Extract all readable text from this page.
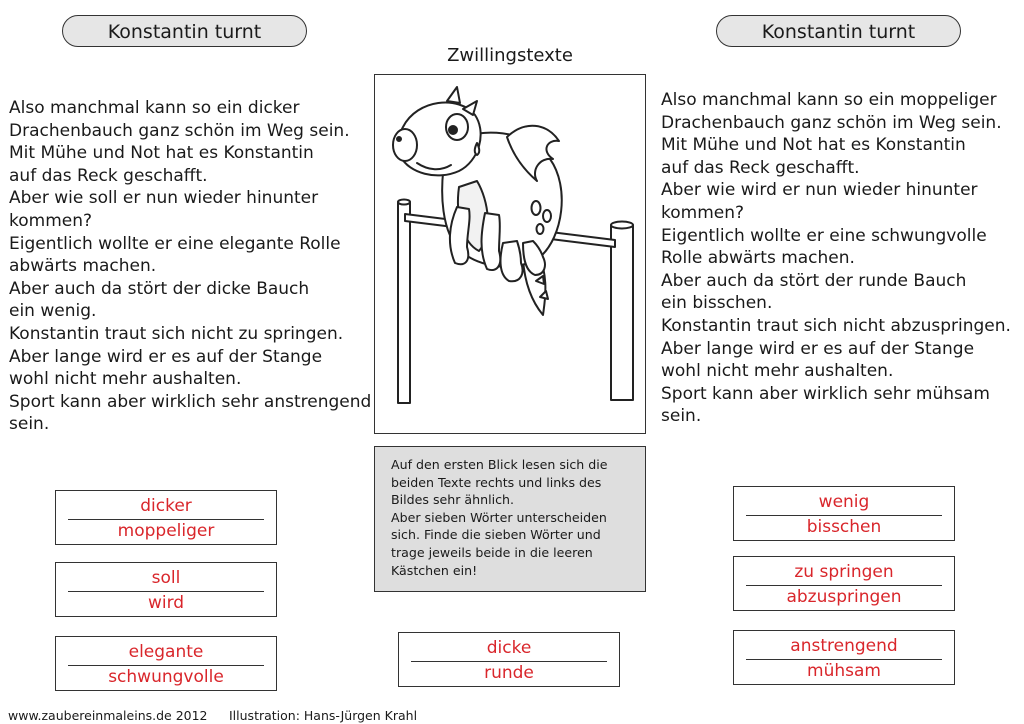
Konstantin turnt	Konstantin turnt
Zwillingstexte
Also manchmal kann so ein dicker
Drachenbauch ganz schön im Weg sein.
Mit Mühe und Not hat es Konstantin
auf das Reck geschafft.
Aber wie soll er nun wieder hinunter
kommen?
Eigentlich wollte er eine elegante Rolle
abwärts machen.
Aber auch da stört der dicke Bauch
ein wenig.
Konstantin traut sich nicht zu springen.
Aber lange wird er es auf der Stange
wohl nicht mehr aushalten.
Sport kann aber wirklich sehr anstrengend
sein.
Also manchmal kann so ein moppeliger
Drachenbauch ganz schön im Weg sein.
Mit Mühe und Not hat es Konstantin
auf das Reck geschafft.
Aber wie wird er nun wieder hinunter
kommen?
Eigentlich wollte er eine schwungvolle
Rolle abwärts machen.
Aber auch da stört der runde Bauch
ein bisschen.
Konstantin traut sich nicht abzuspringen.
Aber lange wird er es auf der Stange
wohl nicht mehr aushalten.
Sport kann aber wirklich sehr mühsam
sein.
Auf den ersten Blick lesen sich die
beiden Texte rechts und links des
Bildes sehr ähnlich.
Aber sieben Wörter unterscheiden
sich. Finde die sieben Wörter und
trage jeweils beide in die leeren
Kästchen ein!
dicker
moppeliger
soll
wird
elegante
schwungvolle
dicke
runde
wenig
bisschen
zu springen
abzuspringen
anstrengend
mühsam
www.zaubereinmaleins.de 2012 Illustration: Hans-Jürgen Krahl
